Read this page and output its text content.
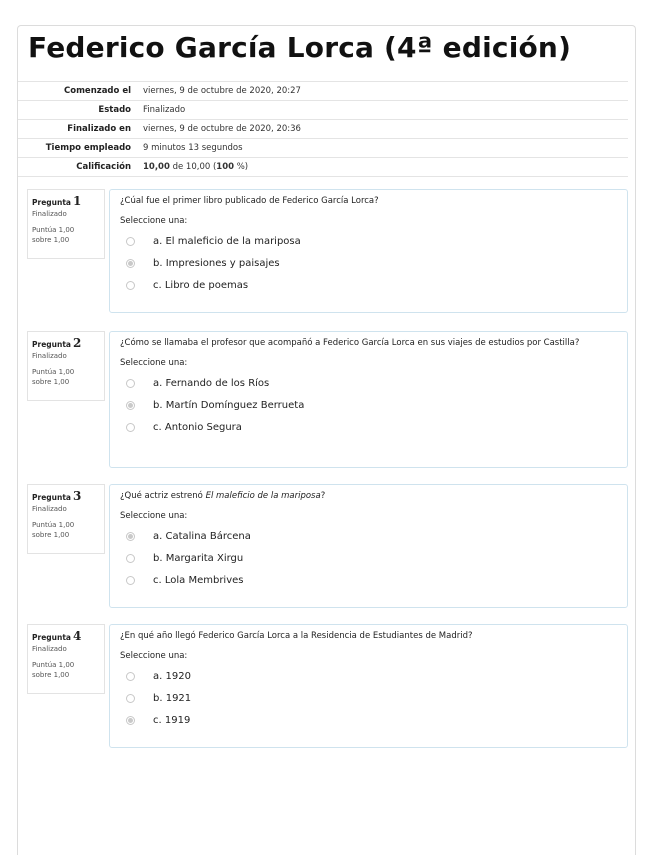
Federico García Lorca (4ª edición)
Comenzado el	viernes, 9 de octubre de 2020, 20:27
Estado	Finalizado
Finalizado en	viernes, 9 de octubre de 2020, 20:36
Tiempo empleado	9 minutos 13 segundos
Calificación	10,00 de 10,00 (100 %)
Pregunta 1
Finalizado
Puntúa 1,00
sobre 1,00

¿Cúal fue el primer libro publicado de Federico García Lorca?

Seleccione una:

a. El maleficio de la mariposa
b. Impresiones y paisajes
c. Libro de poemas
Pregunta 2
Finalizado
Puntúa 1,00
sobre 1,00

¿Cómo se llamaba el profesor que acompañó a Federico García Lorca en sus viajes de estudios por Castilla?

Seleccione una:

a. Fernando de los Ríos
b. Martín Domínguez Berrueta
c. Antonio Segura
Pregunta 3
Finalizado
Puntúa 1,00
sobre 1,00

¿Qué actriz estrenó El maleficio de la mariposa?

Seleccione una:

a. Catalina Bárcena
b. Margarita Xirgu
c. Lola Membrives
Pregunta 4
Finalizado
Puntúa 1,00
sobre 1,00

¿En qué año llegó Federico García Lorca a la Residencia de Estudiantes de Madrid?

Seleccione una:

a. 1920
b. 1921
c. 1919
